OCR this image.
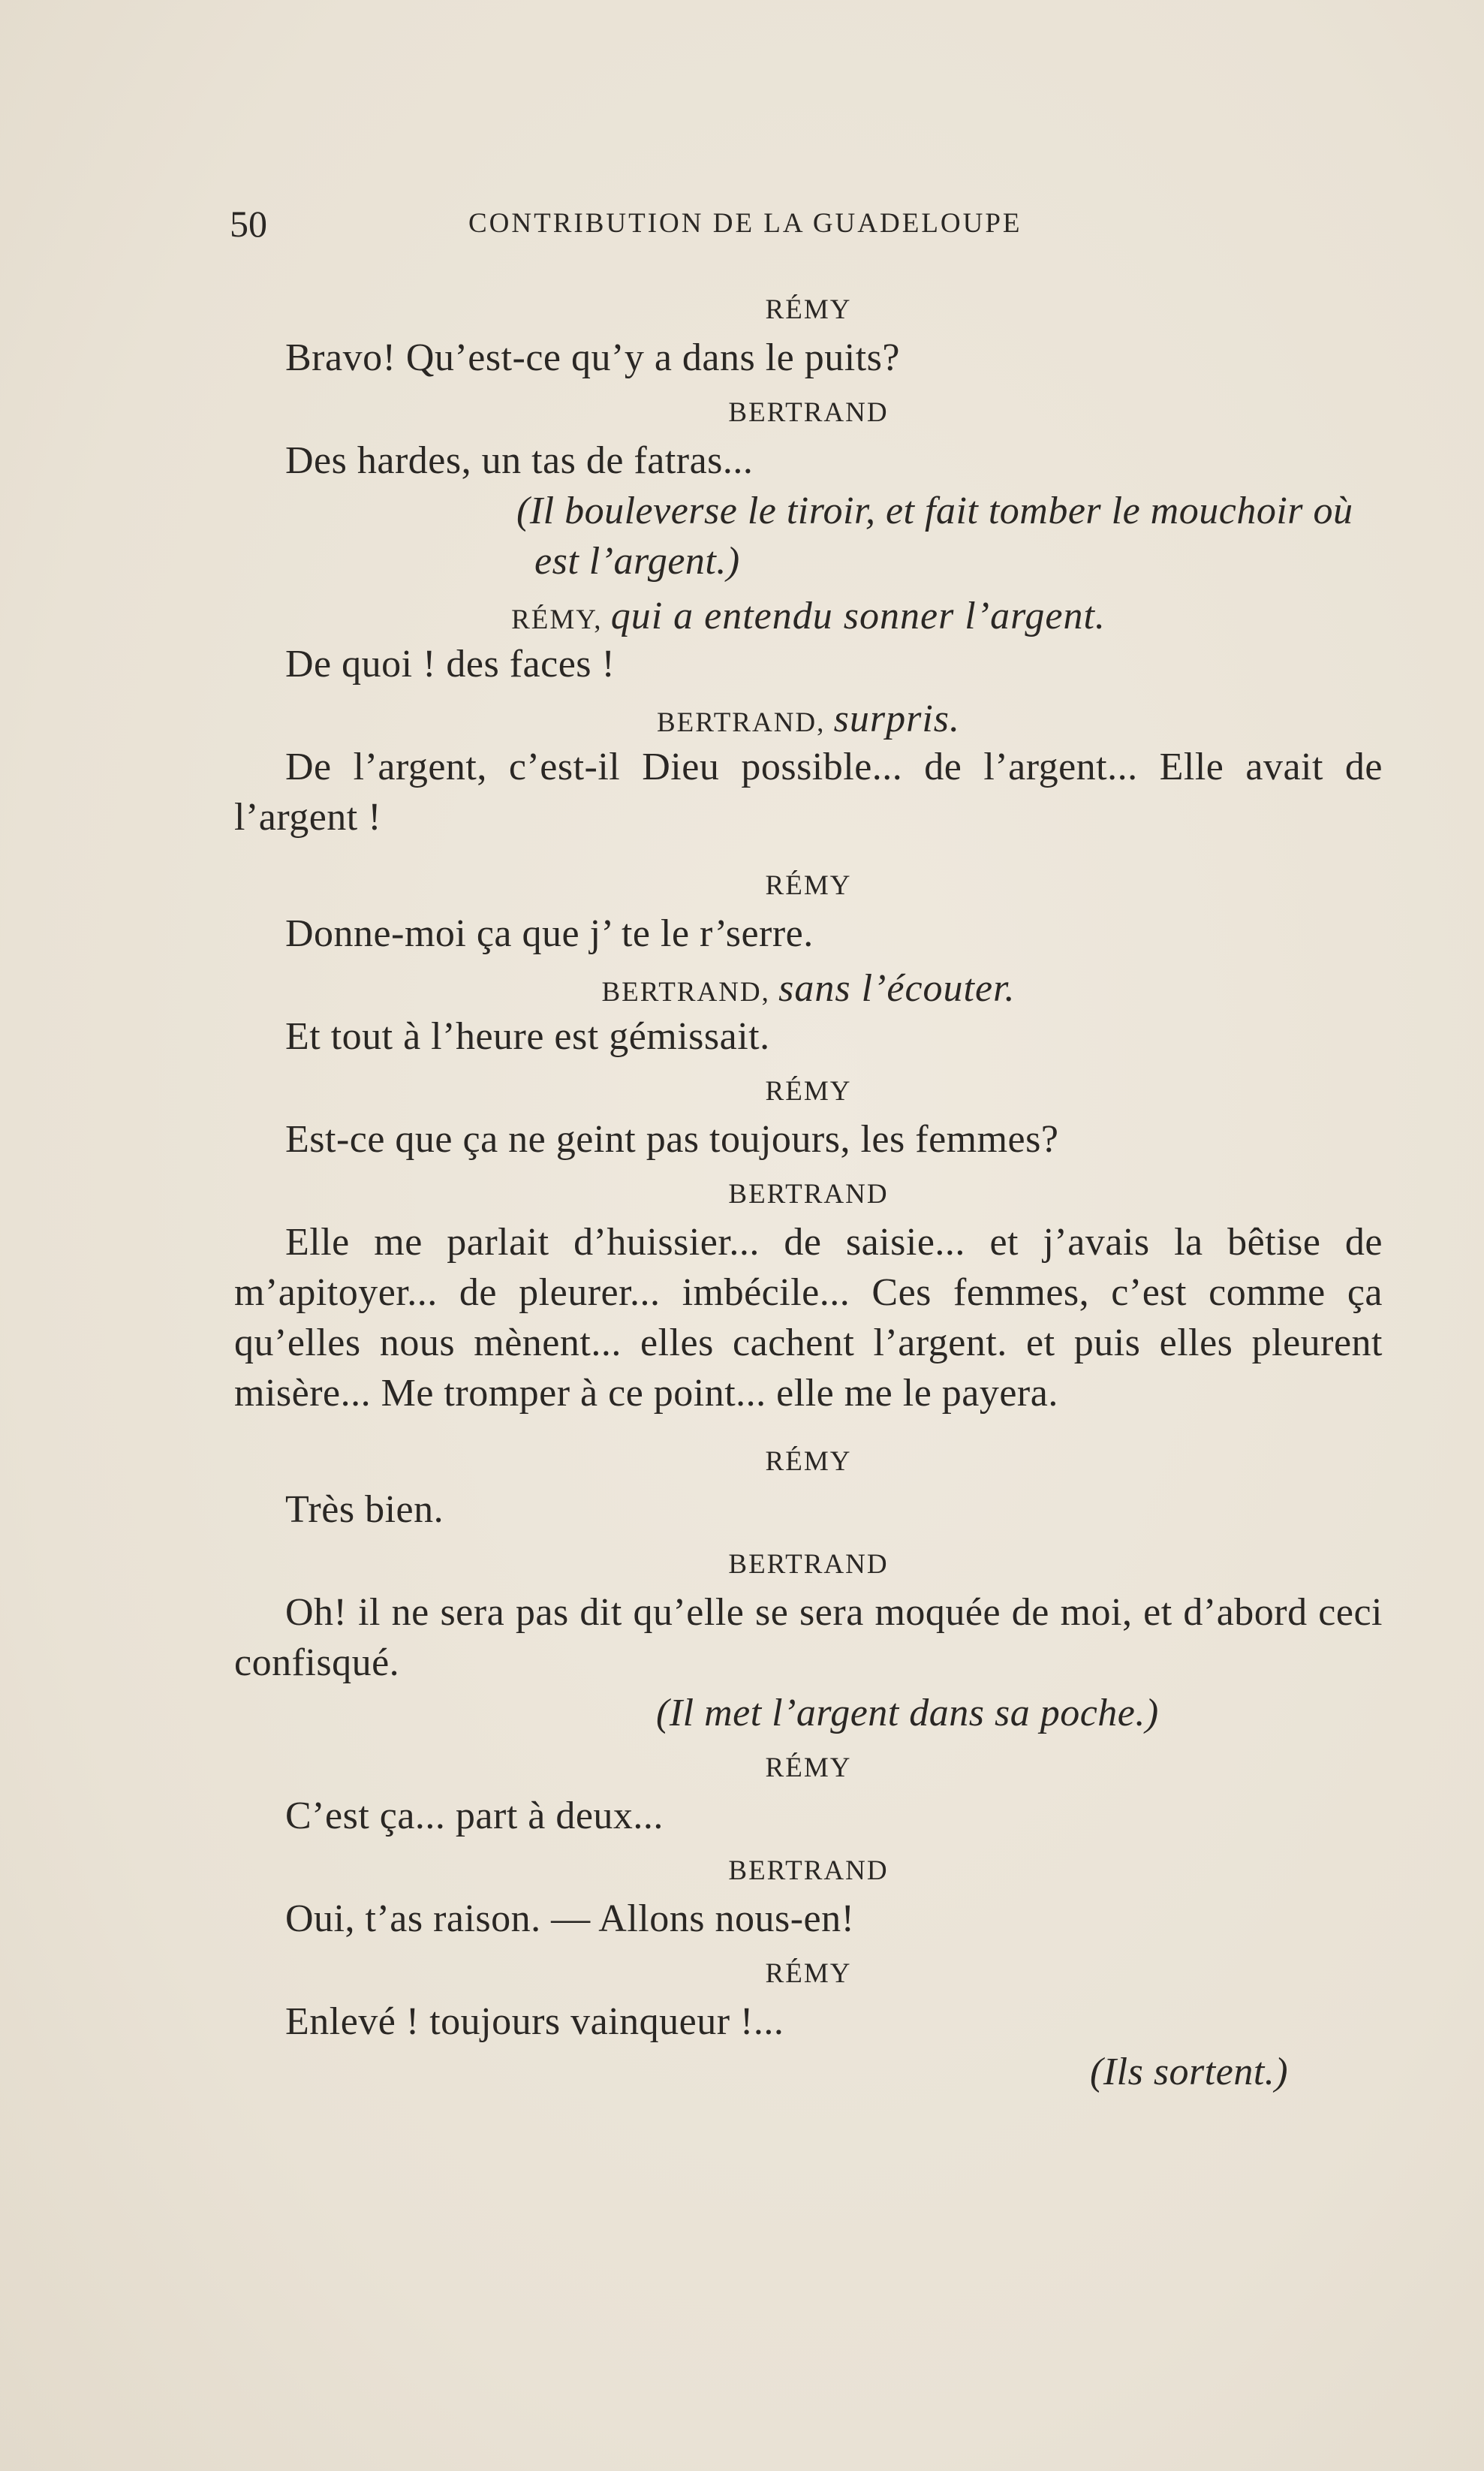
50	CONTRIBUTION DE LA GUADELOUPE
RÉMY
Bravo! Qu’est-ce qu’y a dans le puits?
BERTRAND
Des hardes, un tas de fatras...
(Il bouleverse le tiroir, et fait tomber le mouchoir où est l’argent.)
RÉMY, qui a entendu sonner l’argent.
De quoi ! des faces !
BERTRAND, surpris.
De l’argent, c’est-il Dieu possible... de l’argent... Elle avait de l’argent !
RÉMY
Donne-moi ça que j’ te le r’serre.
BERTRAND, sans l’écouter.
Et tout à l’heure est gémissait.
RÉMY
Est-ce que ça ne geint pas toujours, les femmes?
BERTRAND
Elle me parlait d’huissier... de saisie... et j’avais la bêtise de m’apitoyer... de pleurer... imbécile... Ces femmes, c’est comme ça qu’elles nous mènent... elles cachent l’argent. et puis elles pleurent misère... Me tromper à ce point... elle me le payera.
RÉMY
Très bien.
BERTRAND
Oh! il ne sera pas dit qu’elle se sera moquée de moi, et d’abord ceci confisqué.
(Il met l’argent dans sa poche.)
RÉMY
C’est ça... part à deux...
BERTRAND
Oui, t’as raison. — Allons nous-en!
RÉMY
Enlevé ! toujours vainqueur !...
(Ils sortent.)
